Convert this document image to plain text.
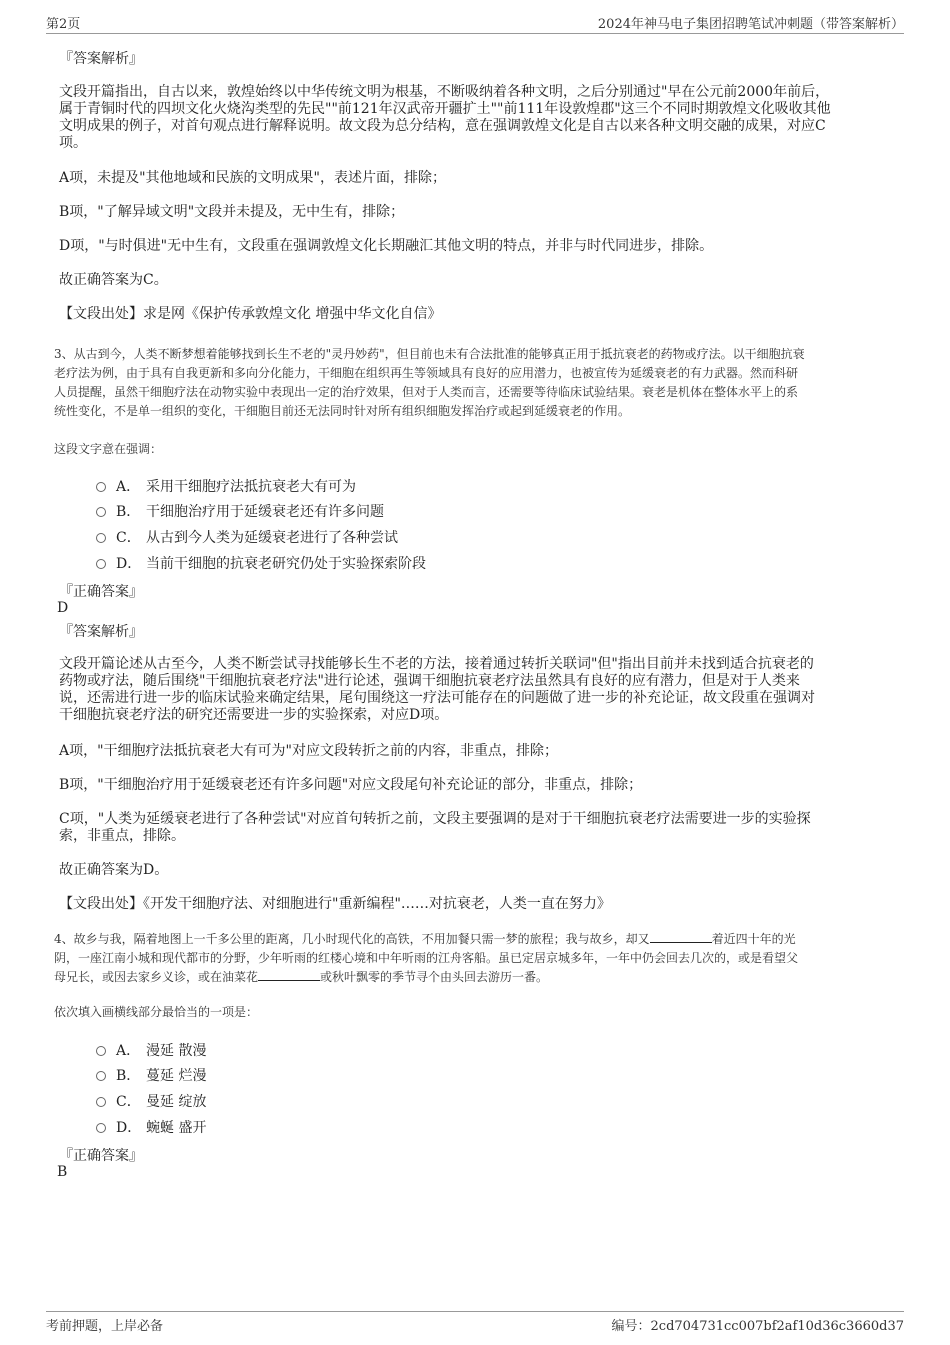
第2页	2024年神马电子集团招聘笔试冲刺题（带答案解析）
『答案解析』
文段开篇指出，自古以来，敦煌始终以中华传统文明为根基，不断吸纳着各种文明，之后分别通过"早在公元前2000年前后，
属于青铜时代的四坝文化火烧沟类型的先民""前121年汉武帝开疆扩土""前111年设敦煌郡"这三个不同时期敦煌文化吸收其他
文明成果的例子，对首句观点进行解释说明。故文段为总分结构，意在强调敦煌文化是自古以来各种文明交融的成果，对应C
项。
A项，未提及"其他地域和民族的文明成果"，表述片面，排除；
B项，"了解异域文明"文段并未提及，无中生有，排除；
D项，"与时俱进"无中生有，文段重在强调敦煌文化长期融汇其他文明的特点，并非与时代同进步，排除。
故正确答案为C。
【文段出处】求是网《保护传承敦煌文化 增强中华文化自信》
3、从古到今，人类不断梦想着能够找到长生不老的"灵丹妙药"，但目前也未有合法批准的能够真正用于抵抗衰老的药物或疗法。以干细胞抗衰
老疗法为例，由于具有自我更新和多向分化能力，干细胞在组织再生等领域具有良好的应用潜力，也被宣传为延缓衰老的有力武器。然而科研
人员提醒，虽然干细胞疗法在动物实验中表现出一定的治疗效果，但对于人类而言，还需要等待临床试验结果。衰老是机体在整体水平上的系
统性变化，不是单一组织的变化，干细胞目前还无法同时针对所有组织细胞发挥治疗或起到延缓衰老的作用。
这段文字意在强调：
A． 采用干细胞疗法抵抗衰老大有可为
B． 干细胞治疗用于延缓衰老还有许多问题
C． 从古到今人类为延缓衰老进行了各种尝试
D． 当前干细胞的抗衰老研究仍处于实验探索阶段
『正确答案』
D
『答案解析』
文段开篇论述从古至今，人类不断尝试寻找能够长生不老的方法，接着通过转折关联词"但"指出目前并未找到适合抗衰老的
药物或疗法，随后围绕"干细胞抗衰老疗法"进行论述，强调干细胞抗衰老疗法虽然具有良好的应有潜力，但是对于人类来
说，还需进行进一步的临床试验来确定结果，尾句围绕这一疗法可能存在的问题做了进一步的补充论证，故文段重在强调对
干细胞抗衰老疗法的研究还需要进一步的实验探索，对应D项。
A项，"干细胞疗法抵抗衰老大有可为"对应文段转折之前的内容，非重点，排除；
B项，"干细胞治疗用于延缓衰老还有许多问题"对应文段尾句补充论证的部分，非重点，排除；
C项，"人类为延缓衰老进行了各种尝试"对应首句转折之前，文段主要强调的是对于干细胞抗衰老疗法需要进一步的实验探
索，非重点，排除。
故正确答案为D。
【文段出处】《开发干细胞疗法、对细胞进行"重新编程"……对抗衰老，人类一直在努力》
4、故乡与我，隔着地图上一千多公里的距离，几小时现代化的高铁，不用加餐只需一梦的旅程；我与故乡，却又	着近四十年的光
阴，一座江南小城和现代都市的分野，少年听雨的红楼心境和中年听雨的江舟客船。虽已定居京城多年，一年中仍会回去几次的，或是看望父
母兄长，或因去家乡义诊，或在油菜花	或秋叶飘零的季节寻个由头回去游历一番。
依次填入画横线部分最恰当的一项是：
A． 漫延 散漫
B． 蔓延 烂漫
C． 曼延 绽放
D． 蜿蜒 盛开
『正确答案』
B
考前押题，上岸必备	编号：2cd704731cc007bf2af10d36c3660d37
